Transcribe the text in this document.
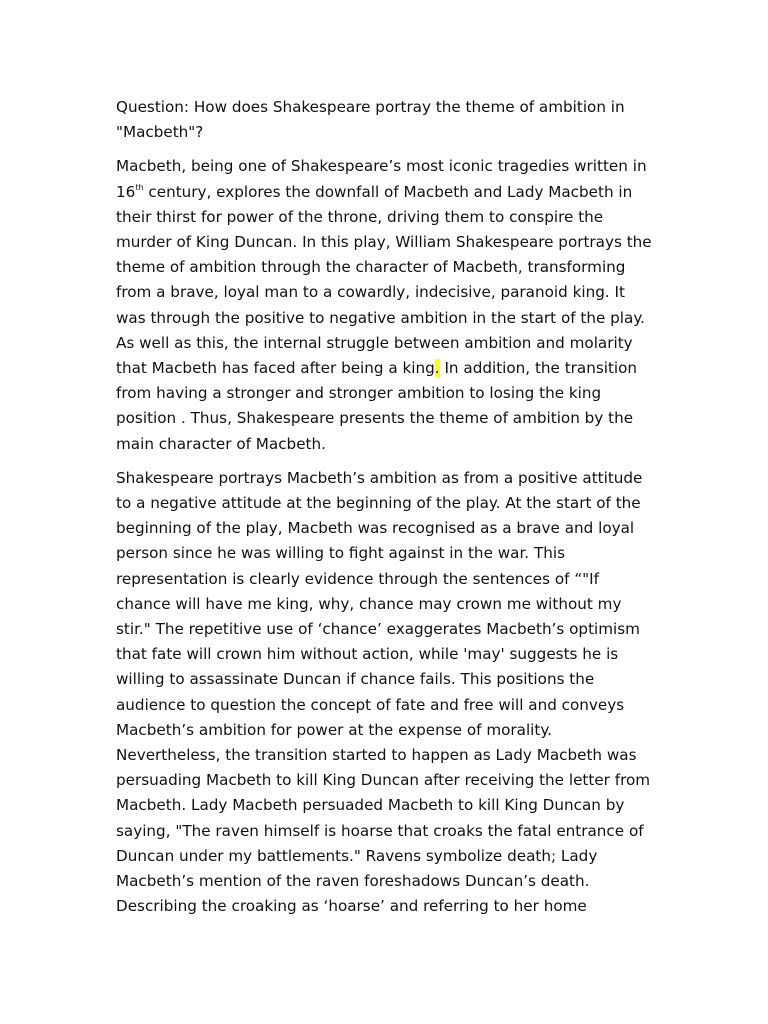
Question: How does Shakespeare portray the theme of ambition in "Macbeth"?

Macbeth, being one of Shakespeare’s most iconic tragedies written in 16th century, explores the downfall of Macbeth and Lady Macbeth in their thirst for power of the throne, driving them to conspire the murder of King Duncan. In this play, William Shakespeare portrays the theme of ambition through the character of Macbeth, transforming from a brave, loyal man to a cowardly, indecisive, paranoid king. It was through the positive to negative ambition in the start of the play. As well as this, the internal struggle between ambition and molarity that Macbeth has faced after being a king. In addition, the transition from having a stronger and stronger ambition to losing the king position . Thus, Shakespeare presents the theme of ambition by the main character of Macbeth.

Shakespeare portrays Macbeth’s ambition as from a positive attitude to a negative attitude at the beginning of the play. At the start of the beginning of the play, Macbeth was recognised as a brave and loyal person since he was willing to fight against in the war. This representation is clearly evidence through the sentences of “"If chance will have me king, why, chance may crown me without my stir." The repetitive use of ‘chance’ exaggerates Macbeth’s optimism that fate will crown him without action, while 'may' suggests he is willing to assassinate Duncan if chance fails. This positions the audience to question the concept of fate and free will and conveys Macbeth’s ambition for power at the expense of morality. Nevertheless, the transition started to happen as Lady Macbeth was persuading Macbeth to kill King Duncan after receiving the letter from Macbeth. Lady Macbeth persuaded Macbeth to kill King Duncan by saying, "The raven himself is hoarse that croaks the fatal entrance of Duncan under my battlements." Ravens symbolize death; Lady Macbeth’s mention of the raven foreshadows Duncan’s death. Describing the croaking as ‘hoarse’ and referring to her home
